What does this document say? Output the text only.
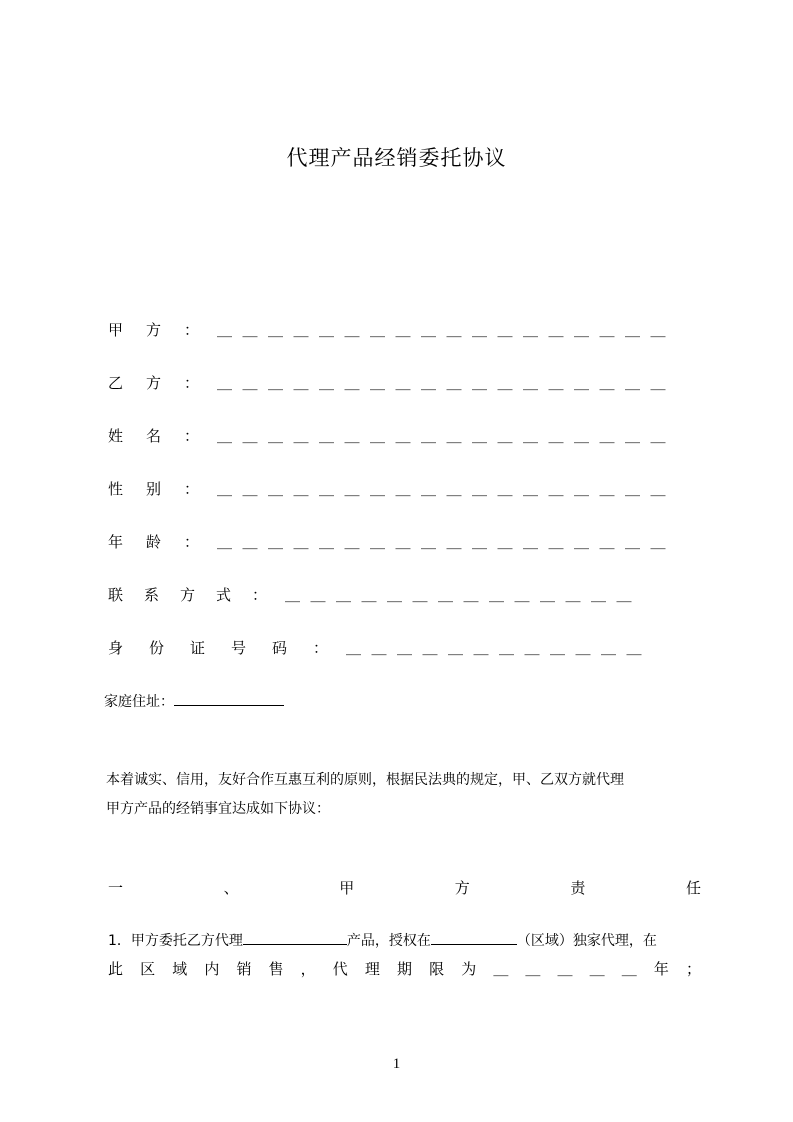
代理产品经销委托协议
甲方： ＿＿＿＿＿＿＿＿＿＿＿＿＿＿＿＿＿＿
乙方： ＿＿＿＿＿＿＿＿＿＿＿＿＿＿＿＿＿＿
姓名： ＿＿＿＿＿＿＿＿＿＿＿＿＿＿＿＿＿＿
性别： ＿＿＿＿＿＿＿＿＿＿＿＿＿＿＿＿＿＿
年龄： ＿＿＿＿＿＿＿＿＿＿＿＿＿＿＿＿＿＿
联系方式： ＿＿＿＿＿＿＿＿＿＿＿＿＿＿
身份证号码： ＿＿＿＿＿＿＿＿＿＿＿＿
家庭住址：
本着诚实、信用，友好合作互惠互利的原则，根据民法典的规定，甲、乙双方就代理
甲方产品的经销事宜达成如下协议：
一	、	甲	方	责	任
1．甲方委托乙方代理	产品，授权在	（区域）独家代理，在
此 区 域 内 销 售 ， 代 理 期 限 为 ＿ ＿ ＿ ＿ ＿ 年 ；
1
